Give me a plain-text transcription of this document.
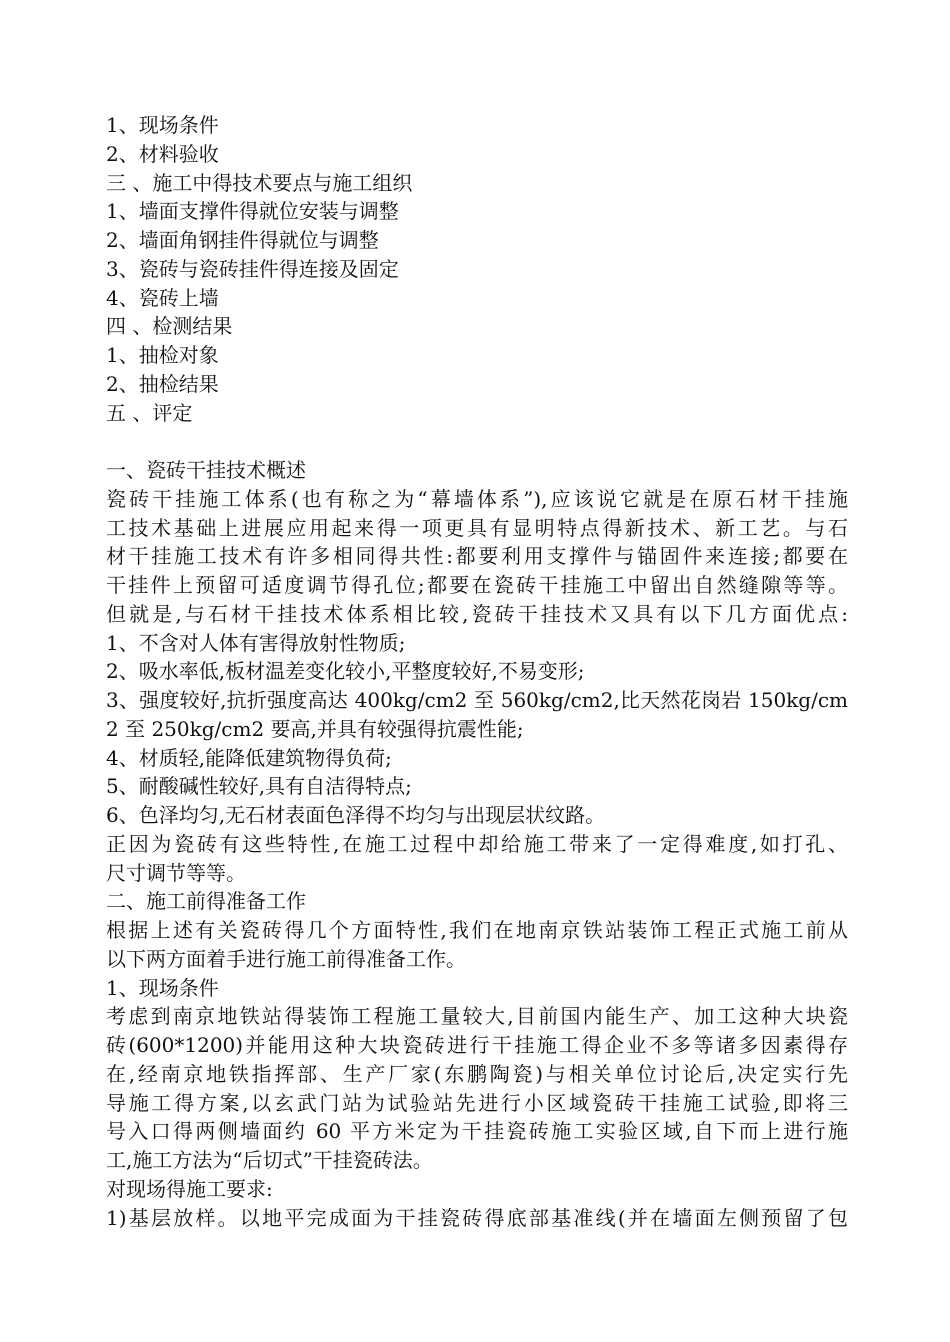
1、现场条件
2、材料验收
三 、施工中得技术要点与施工组织
1、墙面支撑件得就位安装与调整
2、墙面角钢挂件得就位与调整
3、瓷砖与瓷砖挂件得连接及固定
4、瓷砖上墙
四 、检测结果
1、抽检对象
2、抽检结果
五 、评定
一、瓷砖干挂技术概述
瓷砖干挂施工体系(也有称之为“幕墙体系”),应该说它就是在原石材干挂施
工技术基础上进展应用起来得一项更具有显明特点得新技术、新工艺。与石
材干挂施工技术有许多相同得共性:都要利用支撑件与锚固件来连接;都要在
干挂件上预留可适度调节得孔位;都要在瓷砖干挂施工中留出自然缝隙等等。
但就是,与石材干挂技术体系相比较,瓷砖干挂技术又具有以下几方面优点:
1、不含对人体有害得放射性物质;
2、吸水率低,板材温差变化较小,平整度较好,不易变形;
3、强度较好,抗折强度高达 400kg/cm2 至 560kg/cm2,比天然花岗岩 150kg/cm
2 至 250kg/cm2 要高,并具有较强得抗震性能;
4、材质轻,能降低建筑物得负荷;
5、耐酸碱性较好,具有自洁得特点;
6、色泽均匀,无石材表面色泽得不均匀与出现层状纹路。
正因为瓷砖有这些特性,在施工过程中却给施工带来了一定得难度,如打孔、
尺寸调节等等。
二、施工前得准备工作
根据上述有关瓷砖得几个方面特性,我们在地南京铁站装饰工程正式施工前从
以下两方面着手进行施工前得准备工作。
1、现场条件
考虑到南京地铁站得装饰工程施工量较大,目前国内能生产、加工这种大块瓷
砖(600*1200)并能用这种大块瓷砖进行干挂施工得企业不多等诸多因素得存
在,经南京地铁指挥部、生产厂家(东鹏陶瓷)与相关单位讨论后,决定实行先
导施工得方案,以玄武门站为试验站先进行小区域瓷砖干挂施工试验,即将三
号入口得两侧墙面约 60 平方米定为干挂瓷砖施工实验区域,自下而上进行施
工,施工方法为“后切式”干挂瓷砖法。
对现场得施工要求:
1)基层放样。以地平完成面为干挂瓷砖得底部基准线(并在墙面左侧预留了包
